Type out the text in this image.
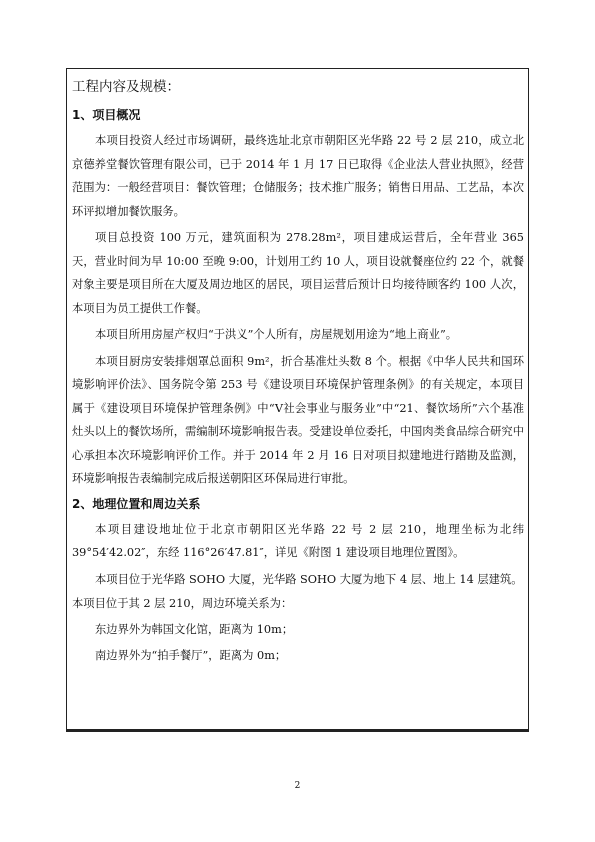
工程内容及规模：
1、项目概况

本项目投资人经过市场调研，最终选址北京市朝阳区光华路 22 号 2 层 210，成立北京德养堂餐饮管理有限公司，已于 2014 年 1 月 17 日已取得《企业法人营业执照》，经营范围为：一般经营项目：餐饮管理；仓储服务；技术推广服务；销售日用品、工艺品，本次环评拟增加餐饮服务。

项目总投资 100 万元，建筑面积为 278.28m²，项目建成运营后，全年营业 365 天，营业时间为早 10:00 至晚 9:00，计划用工约 10 人，项目设就餐座位约 22 个，就餐对象主要是项目所在大厦及周边地区的居民，项目运营后预计日均接待顾客约 100 人次，本项目为员工提供工作餐。

本项目所用房屋产权归“于洪义”个人所有，房屋规划用途为“地上商业”。

本项目厨房安装排烟罩总面积 9m²，折合基准灶头数 8 个。根据《中华人民共和国环境影响评价法》、国务院令第 253 号《建设项目环境保护管理条例》的有关规定，本项目属于《建设项目环境保护管理条例》中“Ⅴ社会事业与服务业”中“21、餐饮场所”六个基准灶头以上的餐饮场所，需编制环境影响报告表。受建设单位委托，中国肉类食品综合研究中心承担本次环境影响评价工作。并于 2014 年 2 月 16 日对项目拟建地进行踏勘及监测，环境影响报告表编制完成后报送朝阳区环保局进行审批。

2、地理位置和周边关系

本项目建设地址位于北京市朝阳区光华路 22 号 2 层 210，地理坐标为北纬 39°54′42.02″，东经 116°26′47.81″，详见《附图 1 建设项目地理位置图》。

本项目位于光华路 SOHO 大厦，光华路 SOHO 大厦为地下 4 层、地上 14 层建筑。

本项目位于其 2 层 210，周边环境关系为：

东边界外为韩国文化馆，距离为 10m；

南边界外为“拍手餐厅”，距离为 0m；

2
